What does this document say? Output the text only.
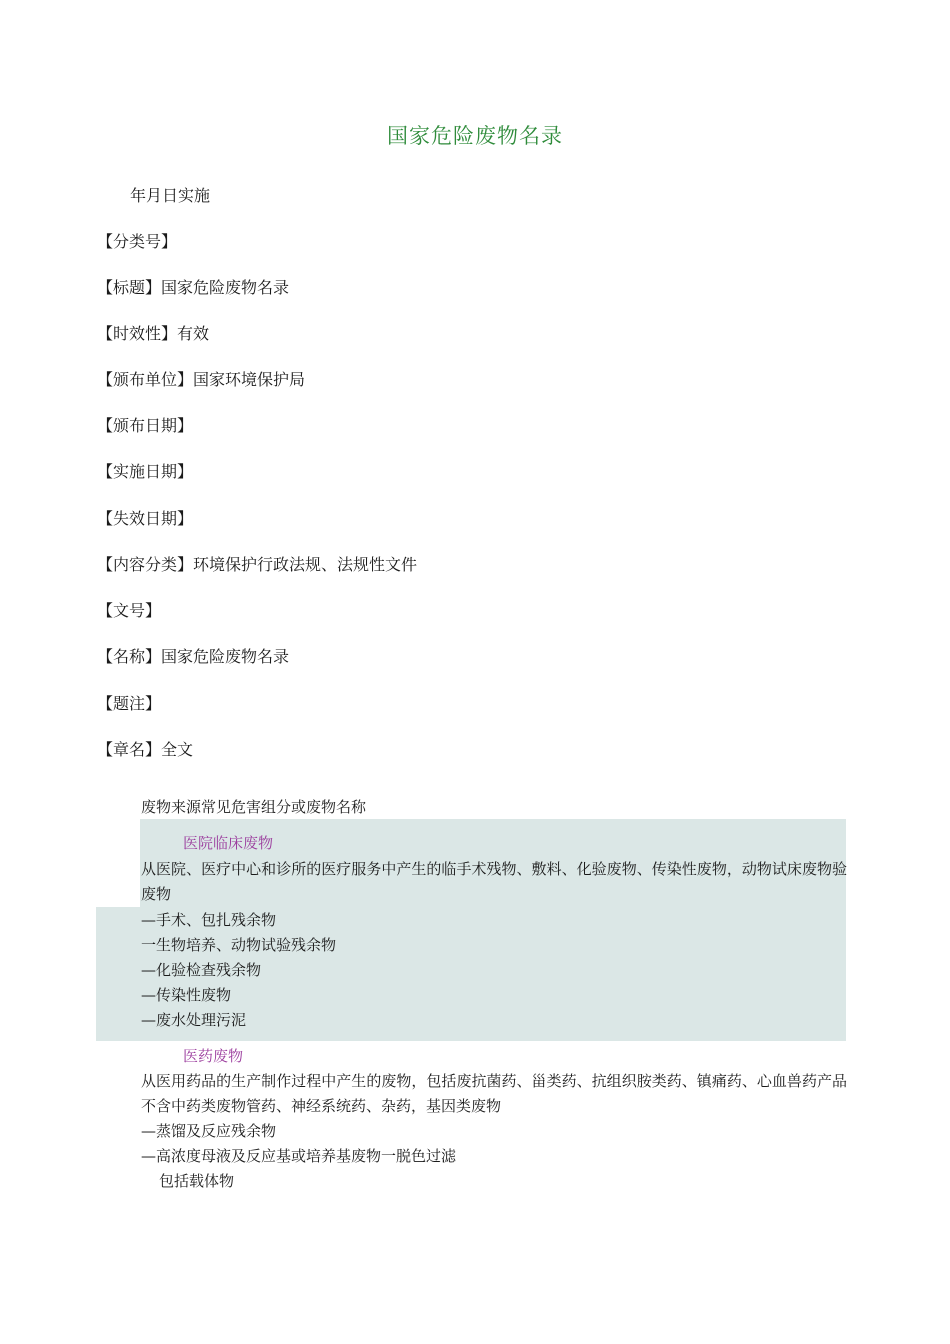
国家危险废物名录
年月日实施
【分类号】
【标题】国家危险废物名录
【时效性】有效
【颁布单位】国家环境保护局
【颁布日期】
【实施日期】
【失效日期】
【内容分类】环境保护行政法规、法规性文件
【文号】
【名称】国家危险废物名录
【题注】
【章名】全文
废物来源常见危害组分或废物名称
医院临床废物
从医院、医疗中心和诊所的医疗服务中产生的临手术残物、敷料、化验废物、传染性废物，动物试床废物验废物
—手术、包扎残余物
一生物培养、动物试验残余物
—化验检查残余物
—传染性废物
—废水处理污泥
医药废物
从医用药品的生产制作过程中产生的废物，包括废抗菌药、甾类药、抗组织胺类药、镇痛药、心血兽药产品不含中药类废物管药、神经系统药、杂药，基因类废物
—蒸馏及反应残余物
—高浓度母液及反应基或培养基废物一脱色过滤
包括载体物
